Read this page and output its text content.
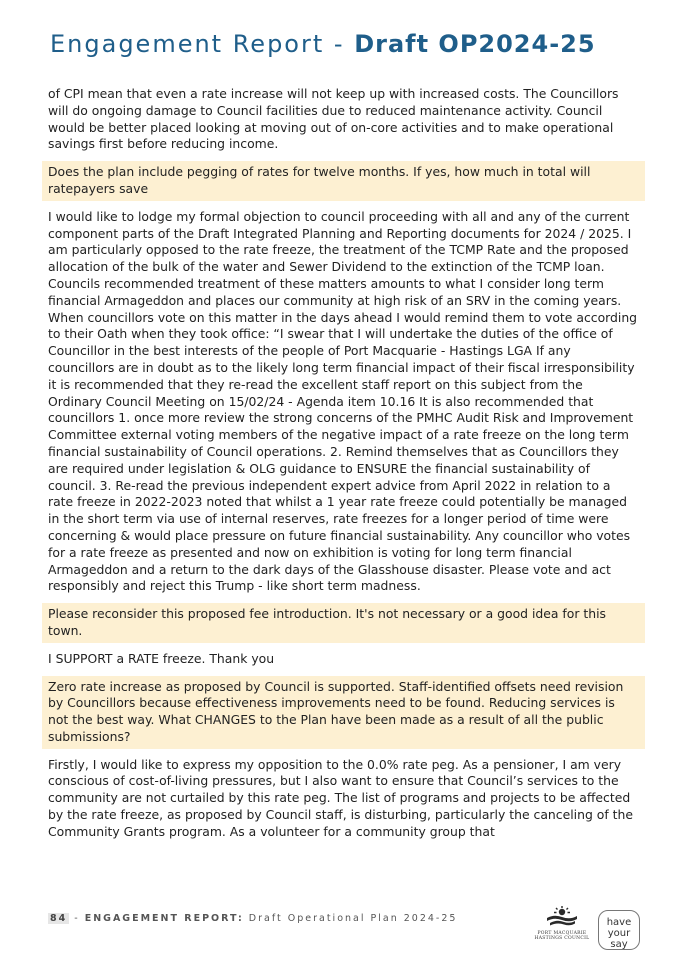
Engagement Report - Draft OP2024-25
of CPI mean that even a rate increase will not keep up with increased costs. The Councillors will do ongoing damage to Council facilities due to reduced maintenance activity. Council would be better placed looking at moving out of on-core activities and to make operational savings first before reducing income.
Does the plan include pegging of rates for twelve months. If yes, how much in total will ratepayers save
I would like to lodge my formal objection to council proceeding with all and any of the current component parts of the Draft Integrated Planning and Reporting documents for 2024 / 2025. I am particularly opposed to the rate freeze, the treatment of the TCMP Rate and the proposed allocation of the bulk of the water and Sewer Dividend to the extinction of the TCMP loan. Councils recommended treatment of these matters amounts to what I consider long term financial Armageddon and places our community at high risk of an SRV in the coming years. When councillors vote on this matter in the days ahead I would remind them to vote according to their Oath when they took office: “I swear that I will undertake the duties of the office of Councillor in the best interests of the people of Port Macquarie - Hastings LGA If any councillors are in doubt as to the likely long term financial impact of their fiscal irresponsibility it is recommended that they re-read the excellent staff report on this subject from the Ordinary Council Meeting on 15/02/24 - Agenda item 10.16 It is also recommended that councillors 1. once more review the strong concerns of the PMHC Audit Risk and Improvement Committee external voting members of the negative impact of a rate freeze on the long term financial sustainability of Council operations. 2. Remind themselves that as Councillors they are required under legislation & OLG guidance to ENSURE the financial sustainability of council. 3. Re-read the previous independent expert advice from April 2022 in relation to a rate freeze in 2022-2023 noted that whilst a 1 year rate freeze could potentially be managed in the short term via use of internal reserves, rate freezes for a longer period of time were concerning & would place pressure on future financial sustainability. Any councillor who votes for a rate freeze as presented and now on exhibition is voting for long term financial Armageddon and a return to the dark days of the Glasshouse disaster. Please vote and act responsibly and reject this Trump - like short term madness.
Please reconsider this proposed fee introduction. It's not necessary or a good idea for this town.
I SUPPORT a RATE freeze. Thank you
Zero rate increase as proposed by Council is supported. Staff-identified offsets need revision by Councillors because effectiveness improvements need to be found. Reducing services is not the best way. What CHANGES to the Plan have been made as a result of all the public submissions?
Firstly, I would like to express my opposition to the 0.0% rate peg. As a pensioner, I am very conscious of cost-of-living pressures, but I also want to ensure that Council’s services to the community are not curtailed by this rate peg. The list of programs and projects to be affected by the rate freeze, as proposed by Council staff, is disturbing, particularly the canceling of the Community Grants program. As a volunteer for a community group that
84 - ENGAGEMENT REPORT: Draft Operational Plan 2024-25
PORT MACQUARIE
HASTINGS COUNCIL
have
your say
